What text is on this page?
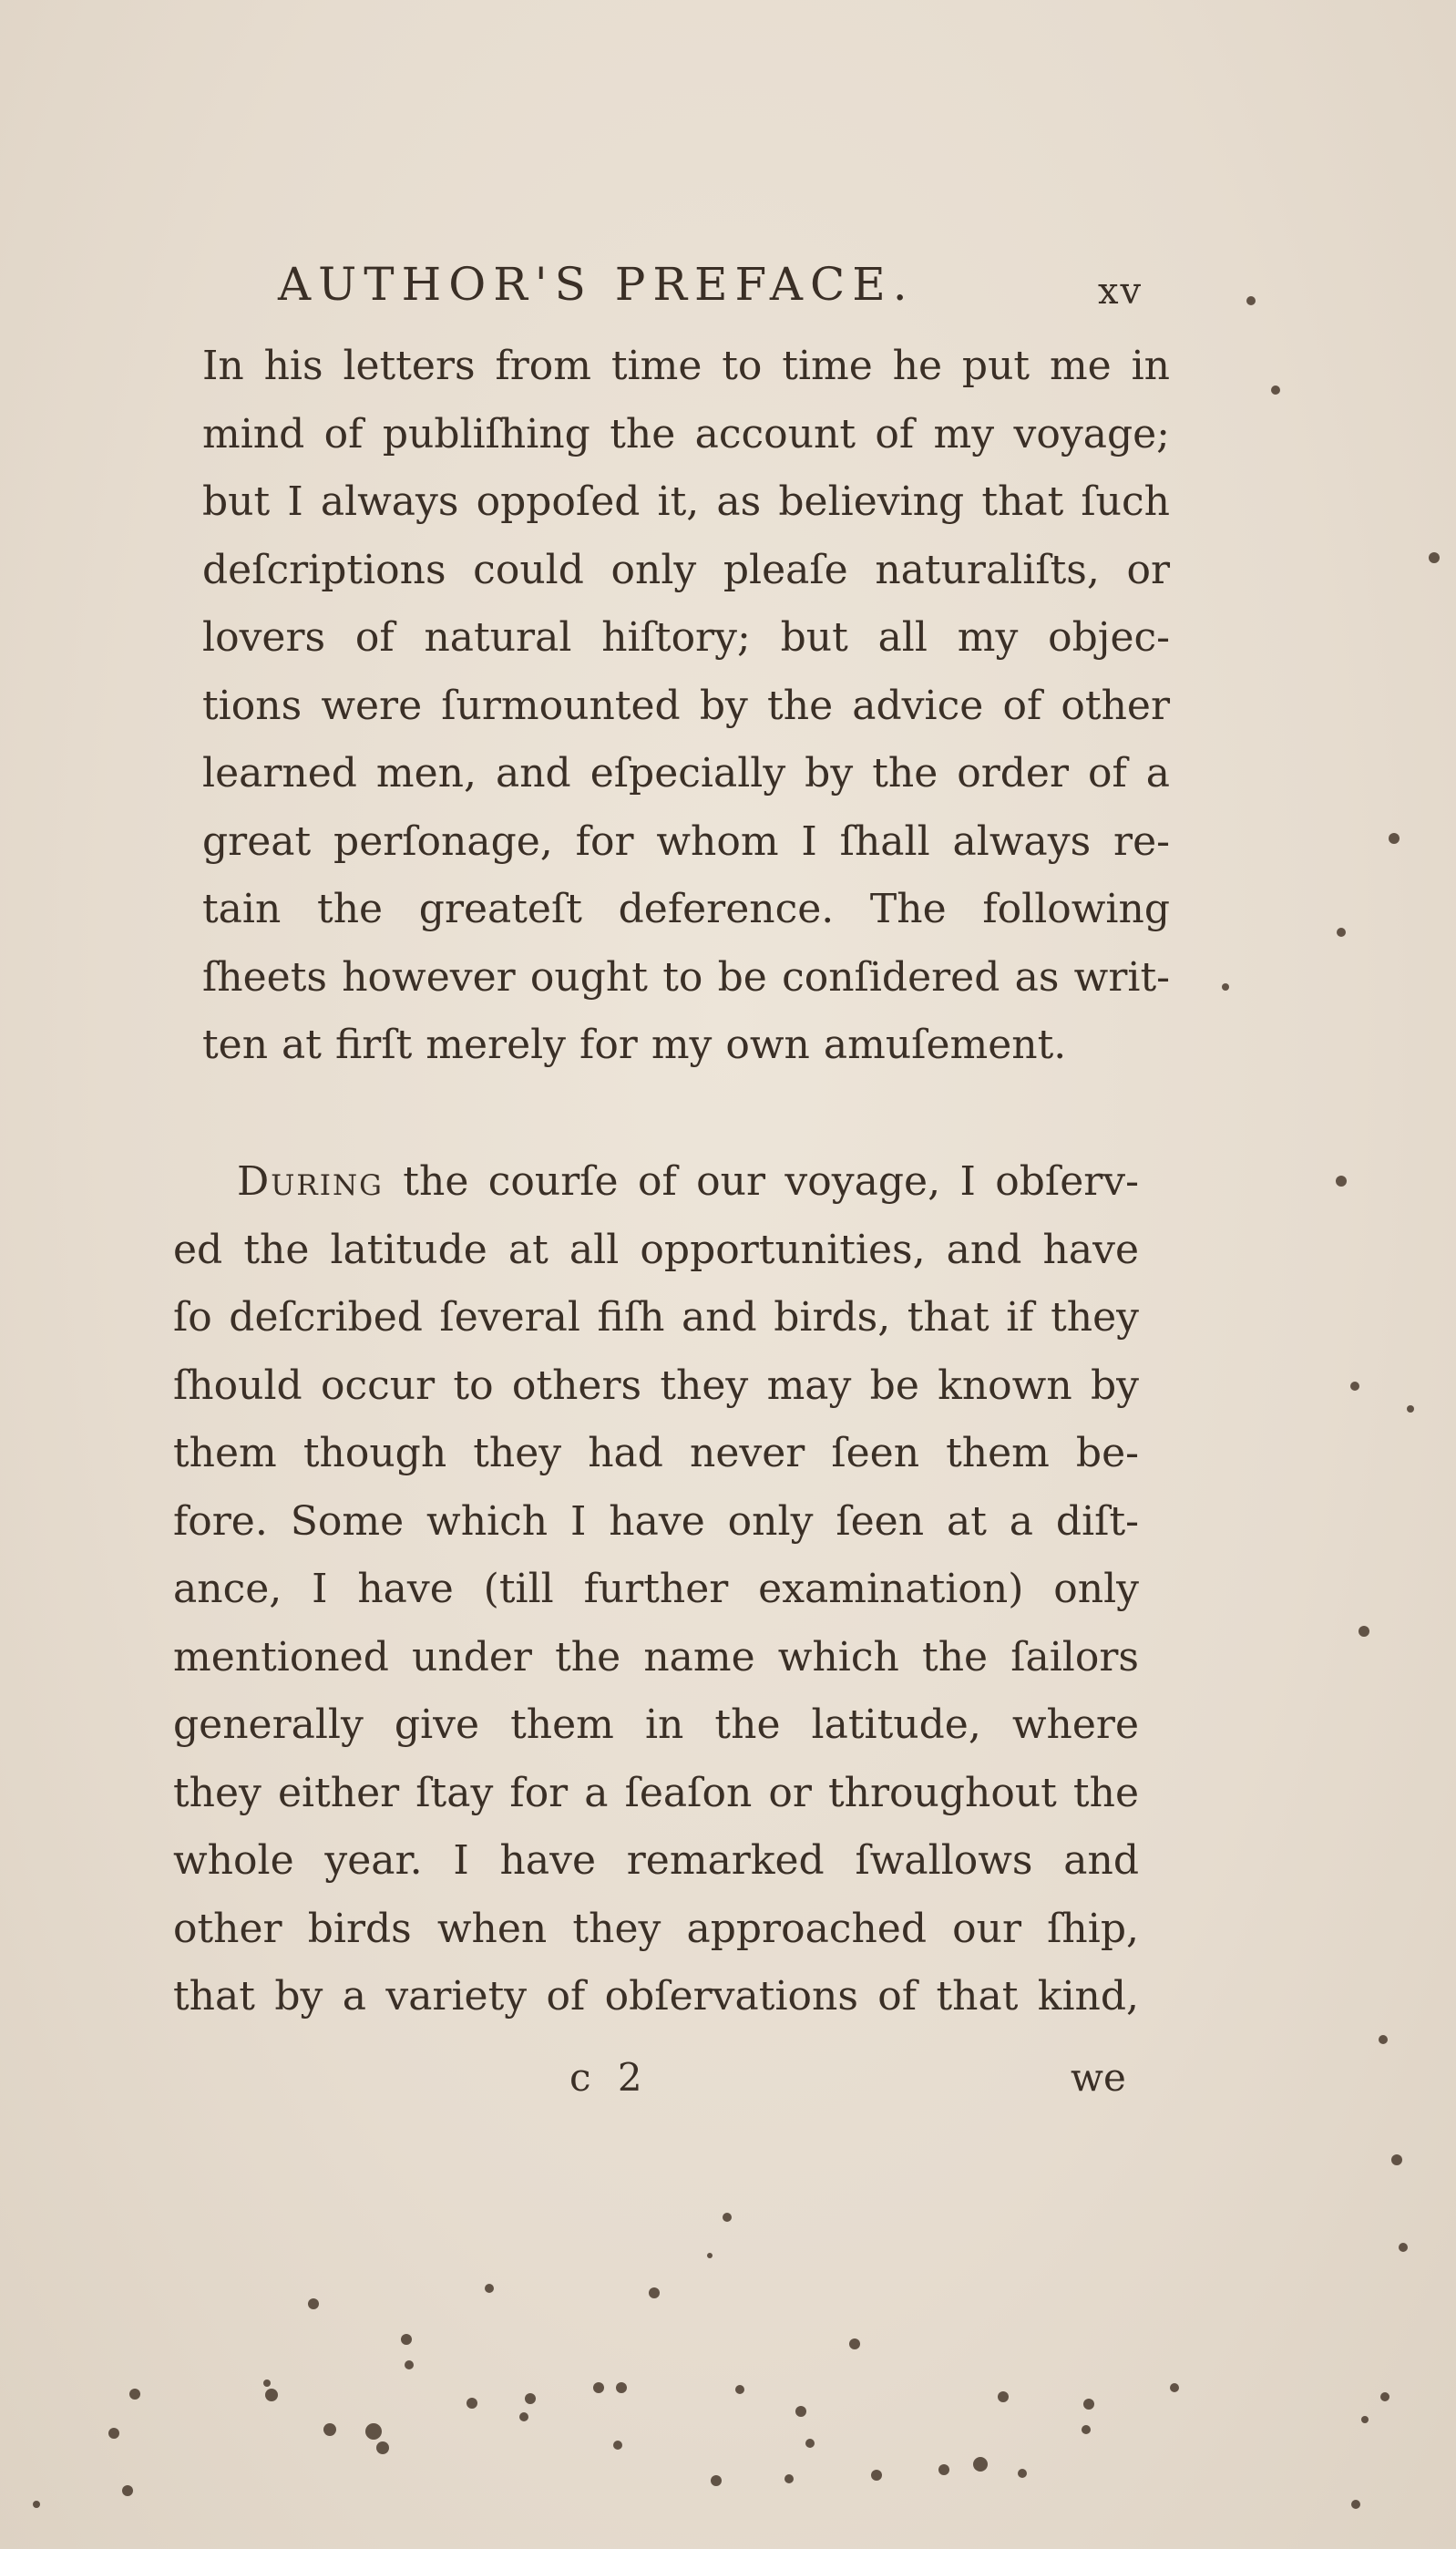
AUTHOR'S PREFACE.	xv
In his letters from time to time he put me in
mind of publiſhing the account of my voyage;
but I always oppoſed it, as believing that ſuch
deſcriptions could only pleaſe naturaliſts, or
lovers of natural hiſtory; but all my objec-
tions were ſurmounted by the advice of other
learned men, and eſpecially by the order of a
great perſonage, for whom I ſhall always re-
tain the greateſt deference. The following
ſheets however ought to be conſidered as writ-
ten at firſt merely for my own amuſement.
During the courſe of our voyage, I obſerv-
ed the latitude at all opportunities, and have
ſo deſcribed ſeveral fiſh and birds, that if they
ſhould occur to others they may be known by
them though they had never ſeen them be-
fore. Some which I have only ſeen at a diſt-
ance, I have (till further examination) only
mentioned under the name which the ſailors
generally give them in the latitude, where
they either ſtay for a ſeaſon or throughout the
whole year. I have remarked ſwallows and
other birds when they approached our ſhip,
that by a variety of obſervations of that kind,
c 2	we
